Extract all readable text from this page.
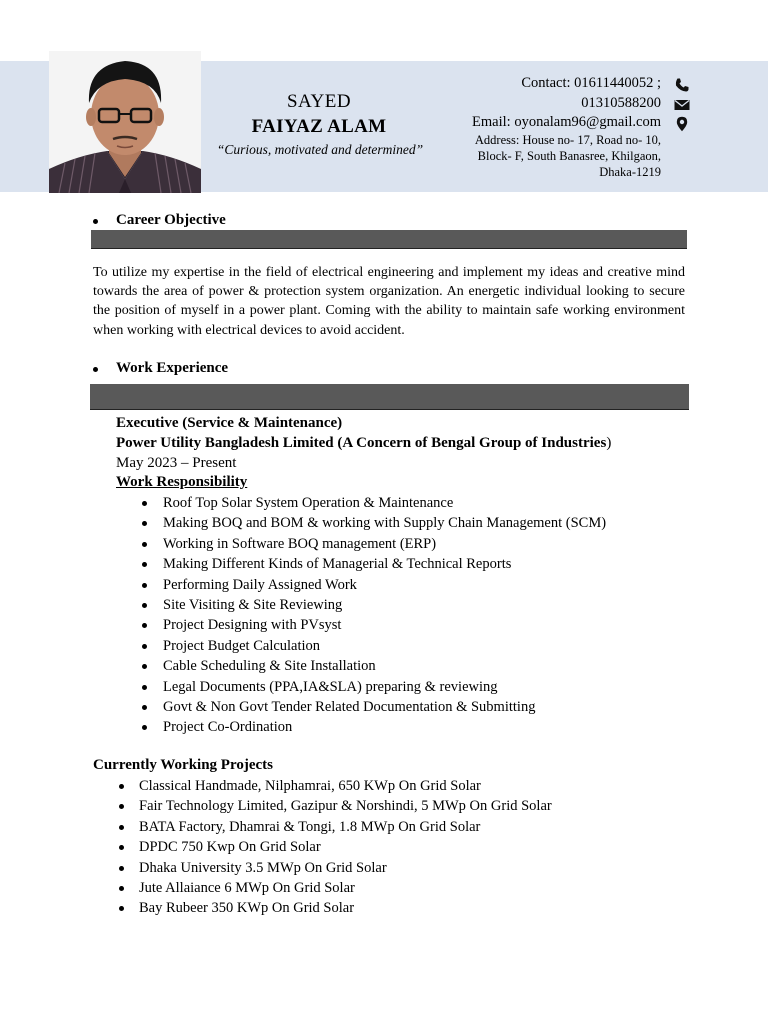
SAYED
FAIYAZ ALAM
“Curious, motivated and determined”
Contact: 01611440052 ;
01310588200
Email: oyonalam96@gmail.com
Address: House no- 17, Road no- 10,
Block- F, South Banasree, Khilgaon,
Dhaka-1219
Career Objective
To utilize my expertise in the field of electrical engineering and implement my ideas and creative mind towards the area of power & protection system organization. An energetic individual looking to secure the position of myself in a power plant. Coming with the ability to maintain safe working environment when working with electrical devices to avoid accident.
Work Experience
Executive (Service & Maintenance)
Power Utility Bangladesh Limited (A Concern of Bengal Group of Industries)
May 2023 – Present
Work Responsibility
Roof Top Solar System Operation & Maintenance
Making BOQ and BOM & working with Supply Chain Management (SCM)
Working in Software BOQ management (ERP)
Making Different Kinds of Managerial & Technical Reports
Performing Daily Assigned Work
Site Visiting & Site Reviewing
Project Designing with PVsyst
Project Budget Calculation
Cable Scheduling & Site Installation
Legal Documents (PPA,IA&SLA) preparing & reviewing
Govt & Non Govt Tender Related Documentation & Submitting
Project Co-Ordination
Currently Working Projects
Classical Handmade, Nilphamrai, 650 KWp On Grid Solar
Fair Technology Limited, Gazipur & Norshindi, 5 MWp On Grid Solar
BATA Factory, Dhamrai & Tongi, 1.8 MWp On Grid Solar
DPDC 750 Kwp On Grid Solar
Dhaka University 3.5 MWp On Grid Solar
Jute Allaiance 6 MWp On Grid Solar
Bay Rubeer 350 KWp On Grid Solar
